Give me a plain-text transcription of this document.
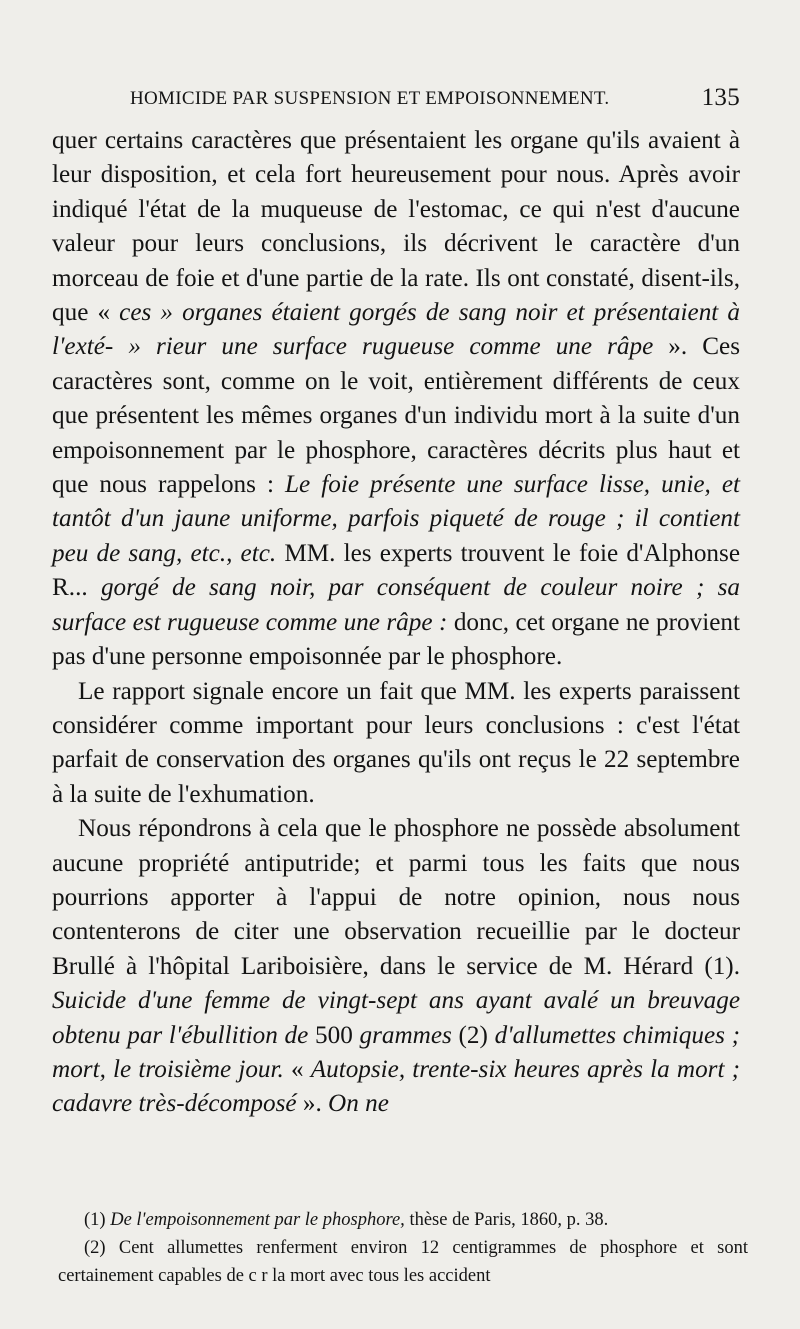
HOMICIDE PAR SUSPENSION ET EMPOISONNEMENT.	135

quer certains caractères que présentaient les organe qu'ils avaient à leur disposition, et cela fort heureusement pour nous. Après avoir indiqué l'état de la muqueuse de l'estomac, ce qui n'est d'aucune valeur pour leurs conclusions, ils décrivent le caractère d'un morceau de foie et d'une partie de la rate. Ils ont constaté, disent-ils, que « ces » organes étaient gorgés de sang noir et présentaient à l'exté- » rieur une surface rugueuse comme une râpe ». Ces caractères sont, comme on le voit, entièrement différents de ceux que présentent les mêmes organes d'un individu mort à la suite d'un empoisonnement par le phosphore, caractères décrits plus haut et que nous rappelons : Le foie présente une surface lisse, unie, et tantôt d'un jaune uniforme, parfois piqueté de rouge ; il contient peu de sang, etc., etc. MM. les experts trouvent le foie d'Alphonse R... gorgé de sang noir, par conséquent de couleur noire ; sa surface est rugueuse comme une râpe : donc, cet organe ne provient pas d'une personne empoisonnée par le phosphore.

Le rapport signale encore un fait que MM. les experts paraissent considérer comme important pour leurs conclusions : c'est l'état parfait de conservation des organes qu'ils ont reçus le 22 septembre à la suite de l'exhumation.

Nous répondrons à cela que le phosphore ne possède absolument aucune propriété antiputride; et parmi tous les faits que nous pourrions apporter à l'appui de notre opinion, nous nous contenterons de citer une observation recueillie par le docteur Brullé à l'hôpital Lariboisière, dans le service de M. Hérard (1). Suicide d'une femme de vingt-sept ans ayant avalé un breuvage obtenu par l'ébullition de 500 grammes (2) d'allumettes chimiques ; mort, le troisième jour. « Autopsie, trente-six heures après la mort ; cadavre très-décomposé ». On ne

(1) De l'empoisonnement par le phosphore, thèse de Paris, 1860, p. 38.

(2) Cent allumettes renferment environ 12 centigrammes de phosphore et sont certainement capables de c r la mort avec tous les accident
